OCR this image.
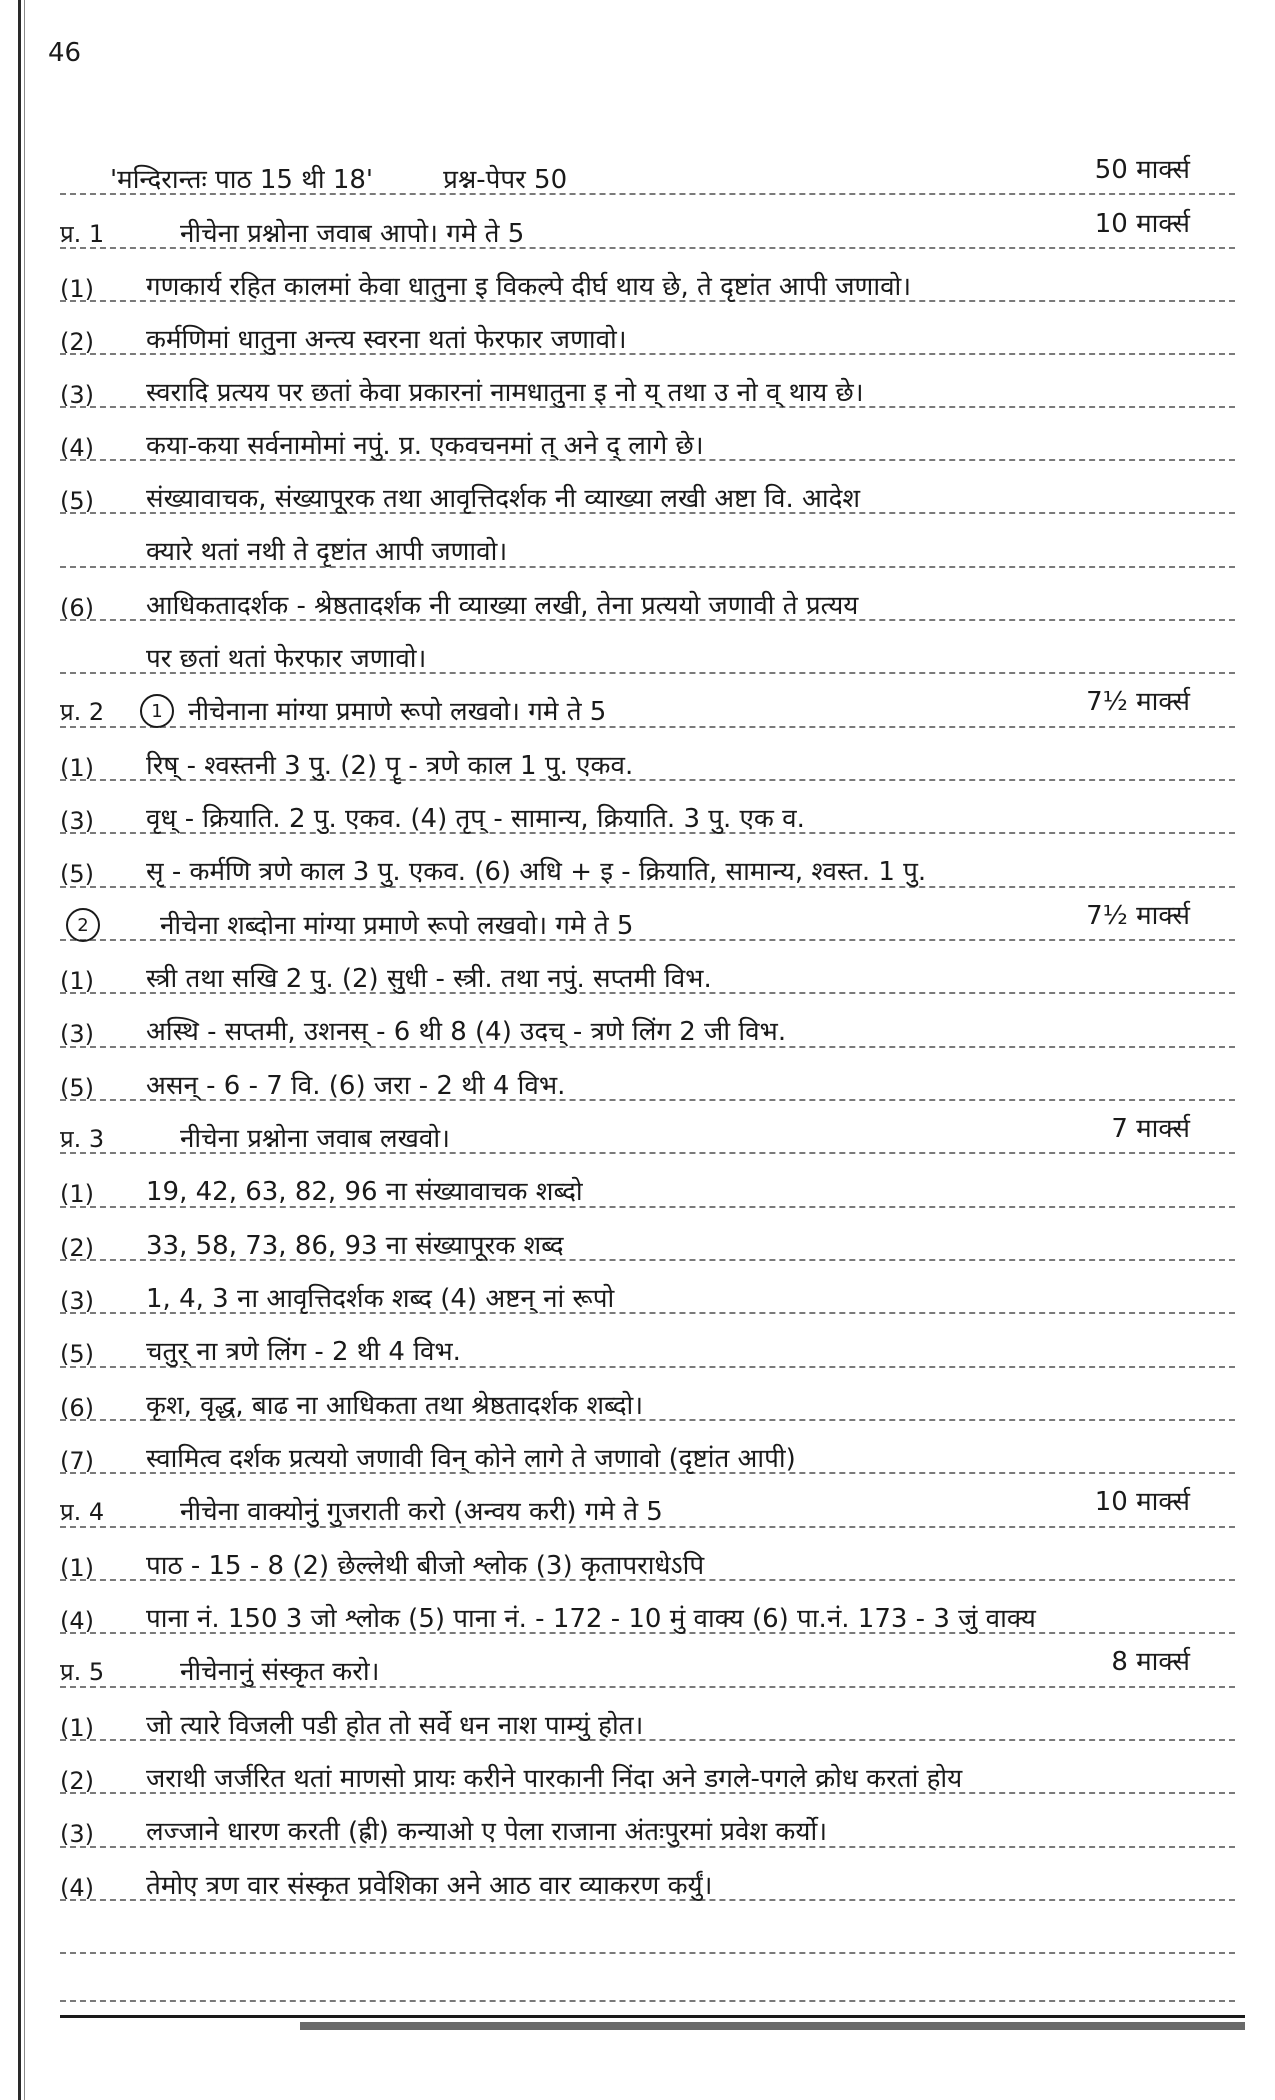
46
'मन्दिरान्तः पाठ 15 थी 18'	प्रश्न-पेपर 50	50 मार्क्स
प्र. 1	नीचेना प्रश्नोना जवाब आपो। गमे ते 5	10 मार्क्स
(1)	गणकार्य रहित कालमां केवा धातुना इ विकल्पे दीर्घ थाय छे, ते दृष्टांत आपी जणावो।
(2)	कर्मणिमां धातुना अन्त्य स्वरना थतां फेरफार जणावो।
(3)	स्वरादि प्रत्यय पर छतां केवा प्रकारनां नामधातुना इ नो य् तथा उ नो व् थाय छे।
(4)	कया-कया सर्वनामोमां नपुं. प्र. एकवचनमां त् अने द् लागे छे।
(5)	संख्यावाचक, संख्यापूरक तथा आवृत्तिदर्शक नी व्याख्या लखी अष्टा वि. आदेश
क्यारे थतां नथी ते दृष्टांत आपी जणावो।
(6)	आधिकतादर्शक - श्रेष्ठतादर्शक नी व्याख्या लखी, तेना प्रत्ययो जणावी ते प्रत्यय
पर छतां थतां फेरफार जणावो।
प्र. 2	1 नीचेनाना मांग्या प्रमाणे रूपो लखवो। गमे ते 5	7½ मार्क्स
(1)	रिष् - श्वस्तनी 3 पु. (2) पॄ - त्रणे काल 1 पु. एकव.
(3)	वृध् - क्रियाति. 2 पु. एकव. (4) तृप् - सामान्य, क्रियाति. 3 पु. एक व.
(5)	सृ - कर्मणि त्रणे काल 3 पु. एकव. (6) अधि + इ - क्रियाति, सामान्य, श्वस्त. 1 पु.
2	नीचेना शब्दोना मांग्या प्रमाणे रूपो लखवो। गमे ते 5	7½ मार्क्स
(1)	स्त्री तथा सखि 2 पु. (2) सुधी - स्त्री. तथा नपुं. सप्तमी विभ.
(3)	अस्थि - सप्तमी, उशनस् - 6 थी 8 (4) उदच् - त्रणे लिंग 2 जी विभ.
(5)	असन् - 6 - 7 वि. (6) जरा - 2 थी 4 विभ.
प्र. 3	नीचेना प्रश्नोना जवाब लखवो।	7 मार्क्स
(1)	19, 42, 63, 82, 96 ना संख्यावाचक शब्दो
(2)	33, 58, 73, 86, 93 ना संख्यापूरक शब्द
(3)	1, 4, 3 ना आवृत्तिदर्शक शब्द (4) अष्टन् नां रूपो
(5)	चतुर् ना त्रणे लिंग - 2 थी 4 विभ.
(6)	कृश, वृद्ध, बाढ ना आधिकता तथा श्रेष्ठतादर्शक शब्दो।
(7)	स्वामित्व दर्शक प्रत्ययो जणावी विन् कोने लागे ते जणावो (दृष्टांत आपी)
प्र. 4	नीचेना वाक्योनुं गुजराती करो (अन्वय करी) गमे ते 5	10 मार्क्स
(1)	पाठ - 15 - 8 (2) छेल्लेथी बीजो श्लोक (3) कृतापराधेऽपि
(4)	पाना नं. 150 3 जो श्लोक (5) पाना नं. - 172 - 10 मुं वाक्य (6) पा.नं. 173 - 3 जुं वाक्य
प्र. 5	नीचेनानुं संस्कृत करो।	8 मार्क्स
(1)	जो त्यारे विजली पडी होत तो सर्वे धन नाश पाम्युं होत।
(2)	जराथी जर्जरित थतां माणसो प्रायः करीने पारकानी निंदा अने डगले-पगले क्रोध करतां होय
(3)	लज्जाने धारण करती (ह्री) कन्याओ ए पेला राजाना अंतःपुरमां प्रवेश कर्यो।
(4)	तेमोए त्रण वार संस्कृत प्रवेशिका अने आठ वार व्याकरण कर्युं।
